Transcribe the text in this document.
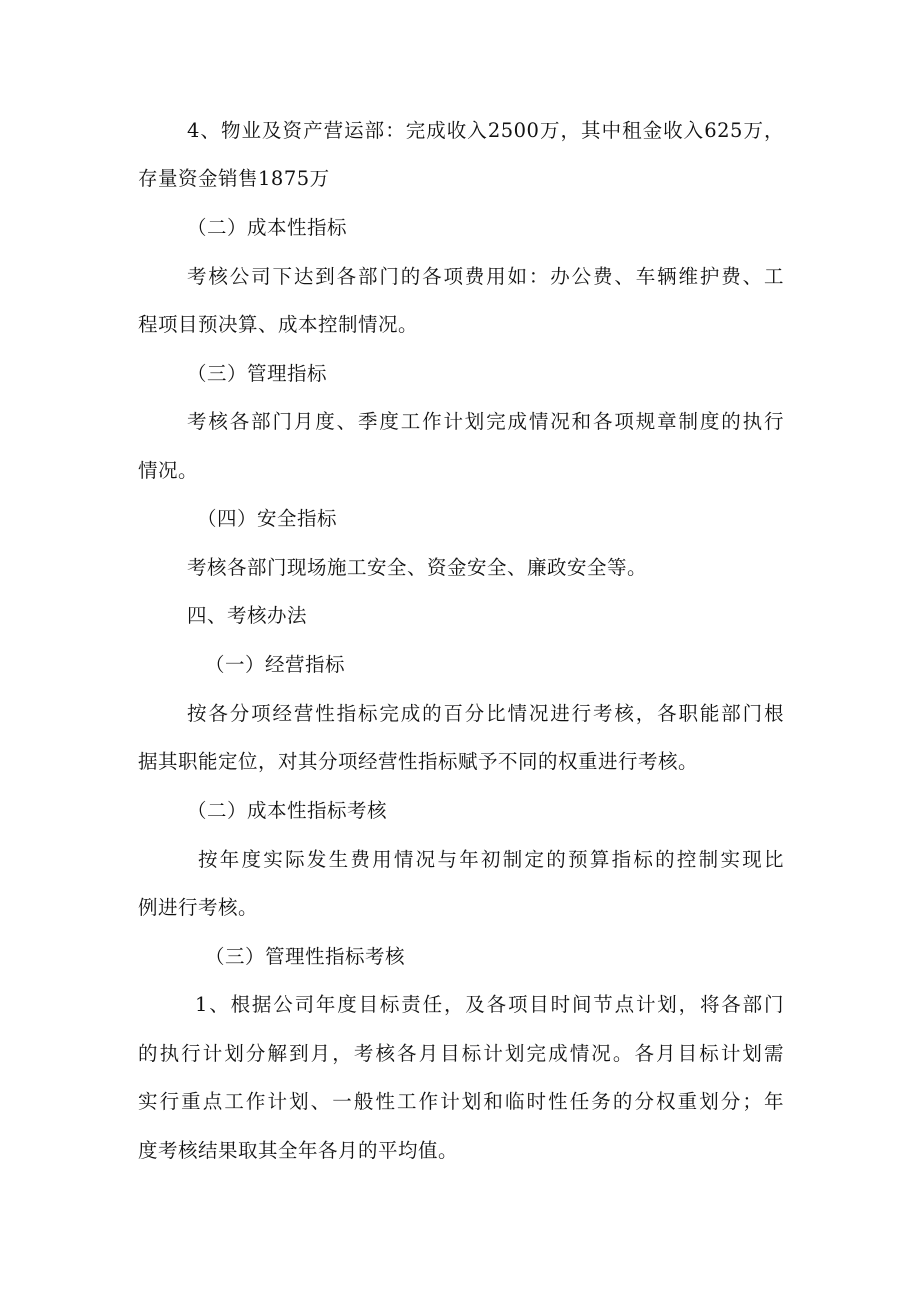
4、物业及资产营运部：完成收入2500万，其中租金收入625万，

存量资金销售1875万

（二）成本性指标

考核公司下达到各部门的各项费用如：办公费、车辆维护费、工

程项目预决算、成本控制情况。

（三）管理指标

考核各部门月度、季度工作计划完成情况和各项规章制度的执行

情况。

（四）安全指标

考核各部门现场施工安全、资金安全、廉政安全等。

四、考核办法

（一）经营指标

按各分项经营性指标完成的百分比情况进行考核，各职能部门根

据其职能定位，对其分项经营性指标赋予不同的权重进行考核。

（二）成本性指标考核

按年度实际发生费用情况与年初制定的预算指标的控制实现比

例进行考核。

（三）管理性指标考核

1、根据公司年度目标责任，及各项目时间节点计划，将各部门

的执行计划分解到月，考核各月目标计划完成情况。各月目标计划需

实行重点工作计划、一般性工作计划和临时性任务的分权重划分；年

度考核结果取其全年各月的平均值。
